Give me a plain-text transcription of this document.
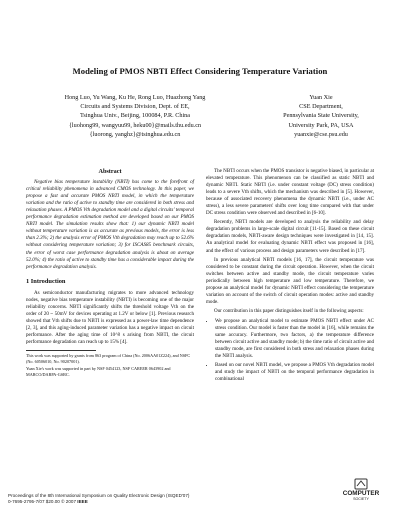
Modeling of PMOS NBTI Effect Considering Temperature Variation
Hong Luo, Yu Wang, Ku He, Rong Luo, Huazhong Yang
Circuits and Systems Division, Dept. of EE,
Tsinghua Univ., Beijing, 100084, P.R. China
{luohong99, wangyuu99, heku00}@mails.thu.edu.cn
{luorong, yanghz}@tsinghua.edu.cn
Yuan Xie
CSE Department,
Pennsylvania State University,
University Park, PA, USA
yuanxie@cse.psu.edu
Abstract
Negative bias temperature instability (NBTI) has come to the forefront of critical reliability phenomena in advanced CMOS technology. In this paper, we propose a fast and accurate PMOS NBTI model, in which the temperature variation and the ratio of active to standby time are considered in both stress and relaxation phases. A PMOS Vth degradation model and a digital circuits' temporal performance degradation estimation method are developed based on our PMOS NBTI model. The simulation results show that: 1) our dynamic NBTI model without temperature variation is as accurate as previous models, the error is less than 2.3%; 2) the analysis error of PMOS Vth degradation may reach up to 52.6% without considering temperature variation; 3) for ISCAS85 benchmark circuits, the error of worst case performance degradation analysis is about on average 52.0%; 4) the ratio of active to standby time has a considerable impact during the performance degradation analysis.
1 Introduction
As semiconductor manufacturing migrates to more advanced technology nodes, negative bias temperature instability (NBTI) is becoming one of the major reliability concerns. NBTI significantly shifts the threshold voltage Vth on the order of 20 ~ 50mV for devices operating at 1.2V or below [1]. Previous research showed that Vth shifts due to NBTI is expressed as a power-law time dependence [2, 3], and this aging-induced parameter variation has a negative impact on circuit performance. After the aging time of 10^8 s arising from NBTI, the circuit performance degradation can reach up to 15% [4].
This work was supported by grants from 863 program of China (No. 2006AA01Z224), and NSFC (No. 60506010, No. 90207001).
Yuan Xie's work was supported in part by NSF 0454123, NSF CAREER 0643902 and MARCO/DARPA-GSRC.
The NBTI occurs when the PMOS transistor is negative biased, in particular at elevated temperature. This phenomenon can be classified as static NBTI and dynamic NBTI. Static NBTI (i.e. under constant voltage (DC) stress condition) leads to a severe Vth shifts, which the mechanism was described in [5]. However, because of associated recovery phenomena the dynamic NBTI (i.e., under AC stress), a less severe parameters' shifts over long time compared with that under DC stress condition were observed and described in [6-10].
Recently, NBTI models are developed to analysis the reliability and delay degradation problems in large-scale digital circuit [11-15]. Based on these circuit degradation models, NBTI-aware design techniques were investigated in [14, 15]. An analytical model for evaluating dynamic NBTI effect was proposed in [16], and the effect of various process and design parameters were described in [17].
In previous analytical NBTI models [16, 17], the circuit temperature was considered to be constant during the circuit operation. However, when the circuit switches between active and standby mode, the circuit temperature varies periodically between high temperature and low temperature. Therefore, we propose an analytical model for dynamic NBTI effect considering the temperature variation on account of the switch of circuit operation modes: active and standby mode.
Our contribution in this paper distinguishes itself in the following aspects:
• We propose an analytical model to estimate PMOS NBTI effect under AC stress condition. Our model is faster than the model in [16], while remains the same accuracy. Furthermore, two factors, a) the temperature difference between circuit active and standby mode; b) the time ratio of circuit active and standby mode, are first considered in both stress and relaxation phases during the NBTI analysis.
• Based on our novel NBTI model, we propose a PMOS Vth degradation model and study the impact of NBTI on the temporal performance degradation in combinational
Proceedings of the 8th International Symposium on Quality Electronic Design (ISQED'07)
0-7695-2795-7/07 $20.00 © 2007 IEEE
COMPUTER
SOCIETY
